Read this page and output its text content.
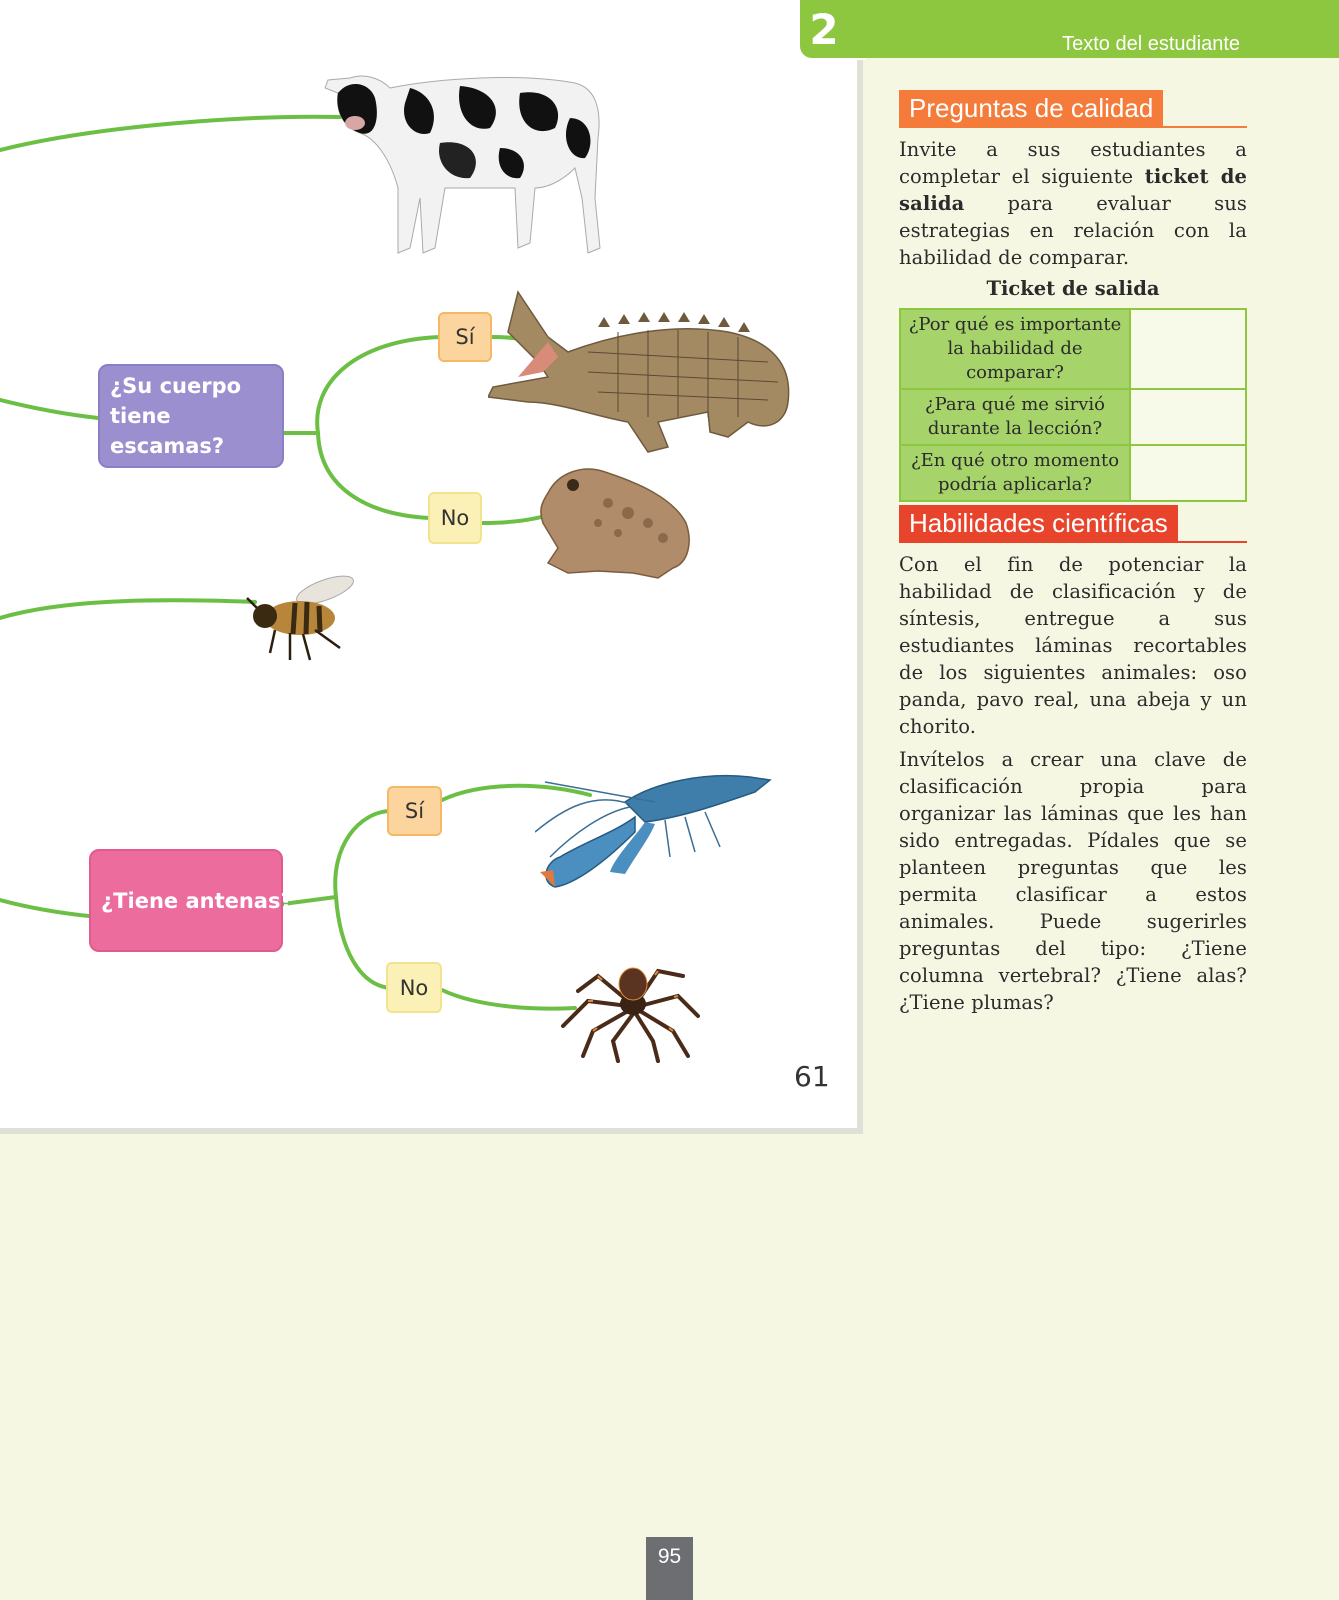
¿Su cuerpo tiene escamas?
¿Tiene antenas?
Sí
No
Sí
No
61
Texto del estudiante
2
Preguntas de calidad

Invite a sus estudiantes a completar el siguiente ticket de salida para evaluar sus estrategias en relación con la habilidad de comparar.

Ticket de salida
¿Por qué es importante la habilidad de comparar?	
¿Para qué me sirvió durante la lección?	
¿En qué otro momento podría aplicarla?	
Habilidades científicas

Con el fin de potenciar la habilidad de clasificación y de síntesis, entregue a sus estudiantes láminas recortables de los siguientes animales: oso panda, pavo real, una abeja y un chorito.

Invítelos a crear una clave de clasificación propia para organizar las láminas que les han sido entregadas. Pídales que se planteen preguntas que les permita clasificar a estos animales. Puede sugerirles preguntas del tipo: ¿Tiene columna vertebral? ¿Tiene alas? ¿Tiene plumas?

95
